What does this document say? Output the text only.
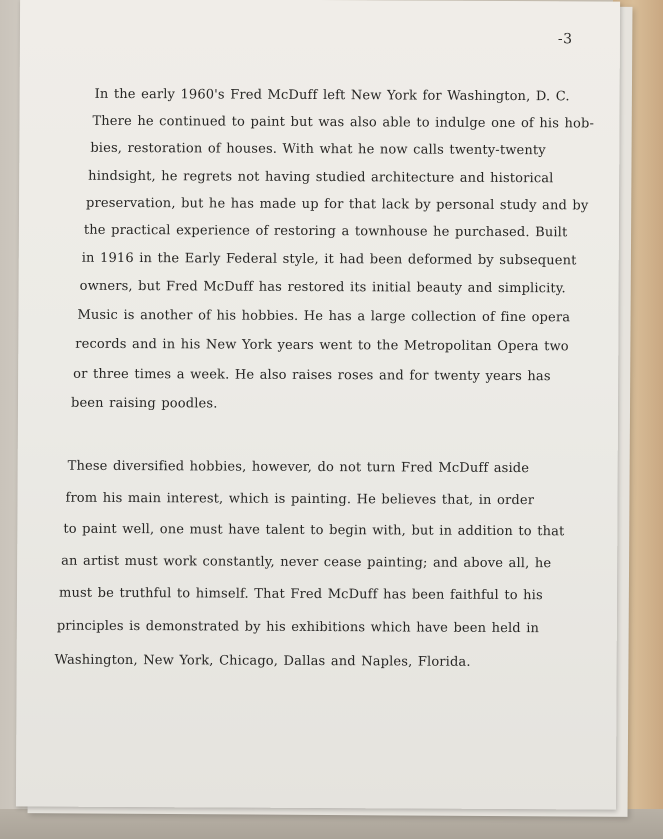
-3

In the early 1960's Fred McDuff left New York for Washington, D. C.
There he continued to paint but was also able to indulge one of his hob-
bies, restoration of houses. With what he now calls twenty-twenty
hindsight, he regrets not having studied architecture and historical
preservation, but he has made up for that lack by personal study and by
the practical experience of restoring a townhouse he purchased. Built
in 1916 in the Early Federal style, it had been deformed by subsequent
owners, but Fred McDuff has restored its initial beauty and simplicity.
Music is another of his hobbies. He has a large collection of fine opera
records and in his New York years went to the Metropolitan Opera two
or three times a week. He also raises roses and for twenty years has
been raising poodles.
These diversified hobbies, however, do not turn Fred McDuff aside
from his main interest, which is painting. He believes that, in order
to paint well, one must have talent to begin with, but in addition to that
an artist must work constantly, never cease painting; and above all, he
must be truthful to himself. That Fred McDuff has been faithful to his
principles is demonstrated by his exhibitions which have been held in
Washington, New York, Chicago, Dallas and Naples, Florida.
